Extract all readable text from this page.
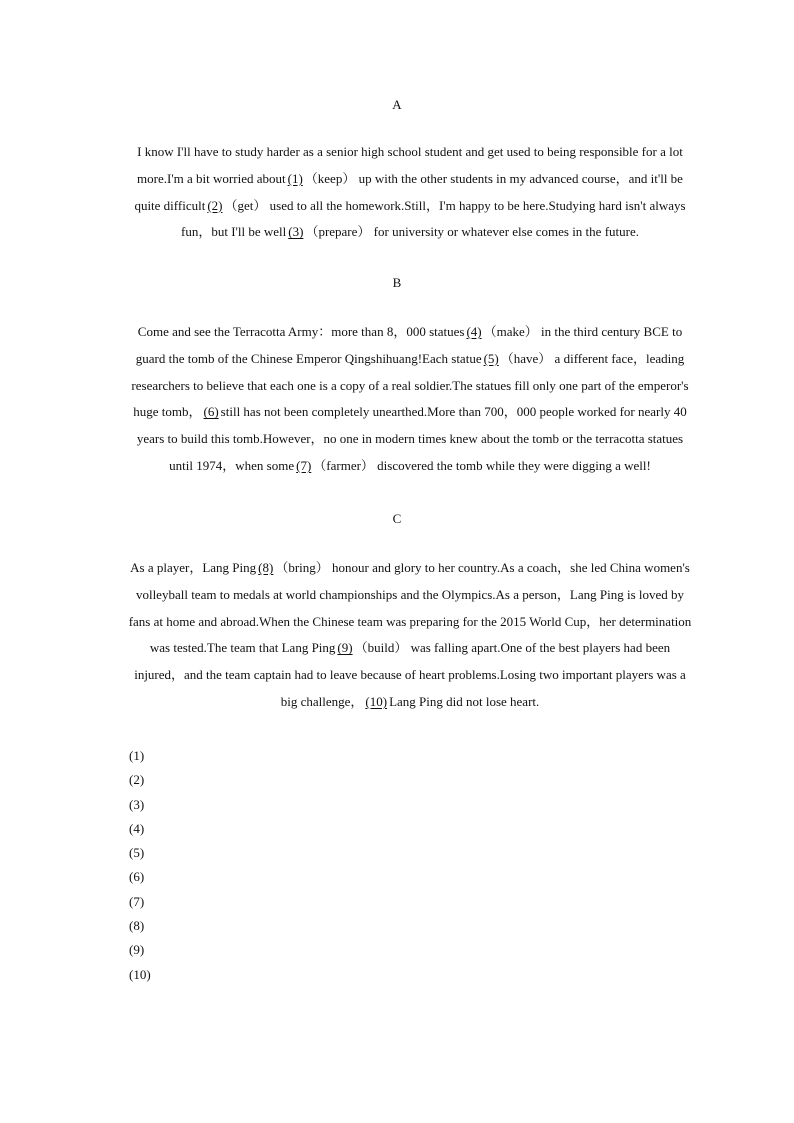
A

I know I'll have to study harder as a senior high school student and get used to being responsible for a lot more.I'm a bit worried about (1) （keep） up with the other students in my advanced course，and it'll be quite difficult (2) （get） used to all the homework.Still，I'm happy to be here.Studying hard isn't always fun，but I'll be well (3) （prepare） for university or whatever else comes in the future.

B

Come and see the Terracotta Army：more than 8，000 statues (4) （make） in the third century BCE to guard the tomb of the Chinese Emperor Qingshihuang!Each statue (5) （have） a different face，leading researchers to believe that each one is a copy of a real soldier.The statues fill only one part of the emperor's huge tomb， (6) still has not been completely unearthed.More than 700，000 people worked for nearly 40 years to build this tomb.However，no one in modern times knew about the tomb or the terracotta statues until 1974，when some (7) （farmer） discovered the tomb while they were digging a well!

C

As a player，Lang Ping (8) （bring） honour and glory to her country.As a coach，she led China women's volleyball team to medals at world championships and the Olympics.As a person，Lang Ping is loved by fans at home and abroad.When the Chinese team was preparing for the 2015 World Cup，her determination was tested.The team that Lang Ping (9) （build） was falling apart.One of the best players had been injured，and the team captain had to leave because of heart problems.Losing two important players was a big challenge， (10) Lang Ping did not lose heart.

(1)
(2)
(3)
(4)
(5)
(6)
(7)
(8)
(9)
(10)
